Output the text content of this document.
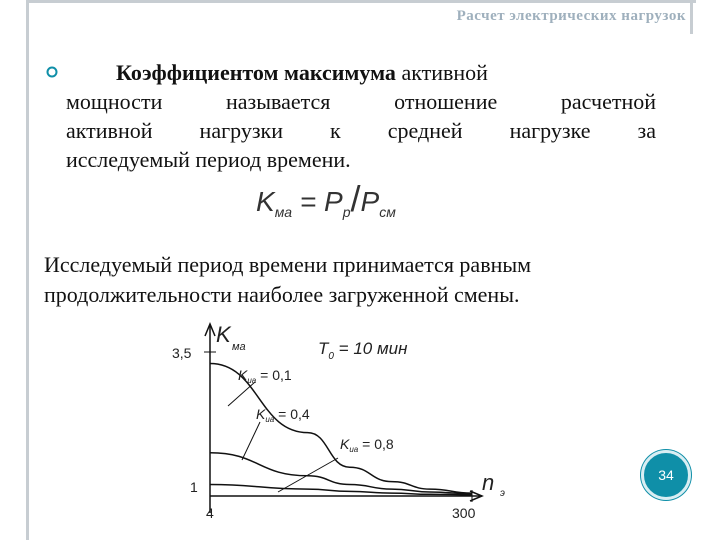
Расчет электрических нагрузок
Коэффициентом максимума активной
мощности называется отношение расчетной
активной нагрузки к средней нагрузке за
исследуемый период времени.
$K_{ма} = P_р/P_{см}$
Исследуемый период времени принимается равным
продолжительности наиболее загруженной смены.
K ма
n э
3,5
1
4	300
$T_0 = 10$ мин
$K_{иа} = 0,1$
$K_{иа} = 0,4$
$K_{иа} = 0,8$
34
